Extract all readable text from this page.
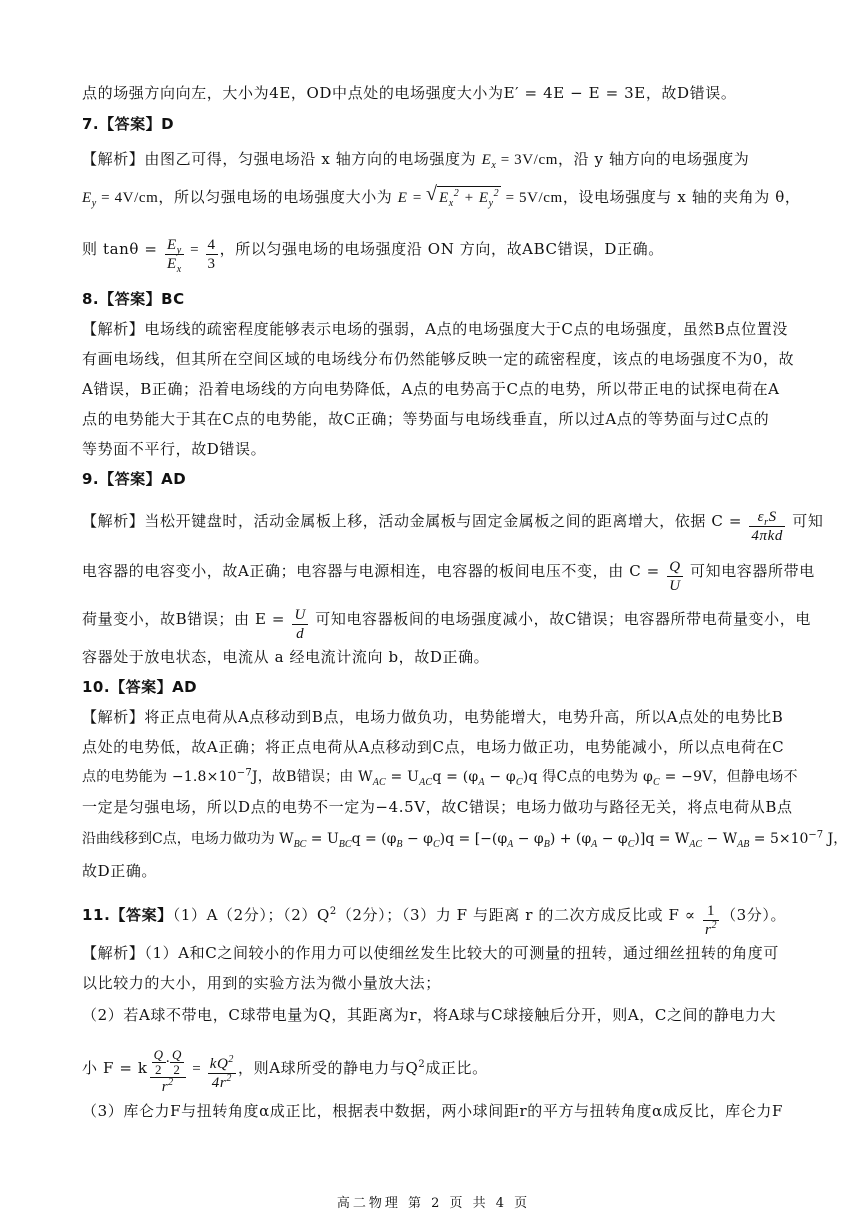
点的场强方向向左，大小为4E，OD中点处的电场强度大小为E′ = 4E − E = 3E，故D错误。
7.【答案】D
【解析】由图乙可得，匀强电场沿 x 轴方向的电场强度为 $E_x = 3V/cm$，沿 y 轴方向的电场强度为
$E_y = 4V/cm$，所以匀强电场的电场强度大小为 E = √ $E_x^2 + E_y^2 = 5V/cm$，设电场强度与 x 轴的夹角为 θ，
则 $\tan\theta = \frac{E_y}{E_x} = \frac{4}{3}$ ，所以匀强电场的电场强度沿 ON 方向，故ABC错误，D正确。
8.【答案】BC
【解析】电场线的疏密程度能够表示电场的强弱，A点的电场强度大于C点的电场强度，虽然B点位置没
有画电场线，但其所在空间区域的电场线分布仍然能够反映一定的疏密程度，该点的电场强度不为0，故
A错误，B正确；沿着电场线的方向电势降低，A点的电势高于C点的电势，所以带正电的试探电荷在A
点的电势能大于其在C点的电势能，故C正确；等势面与电场线垂直，所以过A点的等势面与过C点的
等势面不平行，故D错误。
9.【答案】AD
【解析】当松开键盘时，活动金属板上移，活动金属板与固定金属板之间的距离增大，依据 $C = \frac{\varepsilon_rS}{\text{4πkd}}$ 可知
电容器的电容变小，故A正确；电容器与电源相连，电容器的板间电压不变，由 $C = \frac{Q}{U}$ 可知电容器所带电
荷量变小，故B错误；由 $E = \frac{U}{d}$ 可知电容器板间的电场强度减小，故C错误；电容器所带电荷量变小，电
容器处于放电状态，电流从 a 经电流计流向 b，故D正确。
10.【答案】AD
【解析】将正点电荷从A点移动到B点，电场力做负功，电势能增大，电势升高，所以A点处的电势比B
点处的电势低，故A正确；将正点电荷从A点移动到C点，电场力做正功，电势能减小，所以点电荷在C
点的电势能为 $-1.8\times 10^{-7}J$，故B错误；由 $W_{AC} = U_{AC}q = (\varphi_A - \varphi_C)q$ 得C点的电势为 $\varphi_C = -9V$，但静电场不
一定是匀强电场，所以D点的电势不一定为−4.5V，故C错误；电场力做功与路径无关，将点电荷从B点
沿曲线移到C点，电场力做功为 $W_{BC} = U_{BC}q = (\varphi_B - \varphi_C)q = [-(\varphi_A - \varphi_B) + (\varphi_A - \varphi_C)]q = W_{AC} - W_{AB} = 5\times 10^{-7}$ J，
故D正确。
11.【答案】（1）A（2分）；$(2)Q^2(2$分）；（3）力 F 与距离 r 的二次方成反比或 $F \propto \frac{1}{r^2} (3$分）。
【解析】（1）A和C之间较小的作用力可以使细丝发生比较大的可测量的扭转，通过细丝扭转的角度可
以比较力的大小，用到的实验方法为微小量放大法；
（2）若A球不带电，C球带电量为Q，其距离为r，将A球与C球接触后分开，则A，C之间的静电力大
小 F = k $\frac{\frac{Q}{2} \cdot \frac{Q}{2}}{r^2} = \frac{kQ^2}{4r^2}$ ，则A球所受的静电力与$Q^2$成正比。
（3）库仑力F与扭转角度α成正比，根据表中数据，两小球间距r的平方与扭转角度α成反比，库仑力F
高二物理 第 2 页 共 4 页
